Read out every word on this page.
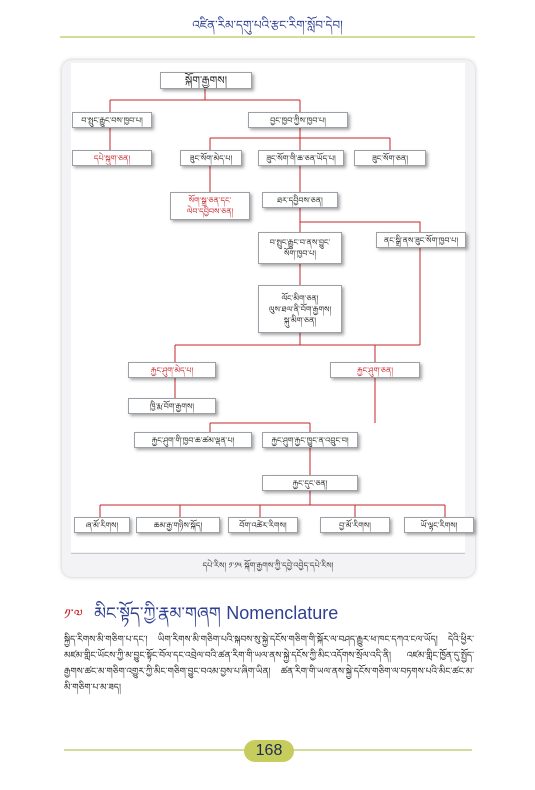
འཛིན་རིམ་དགུ་པའི་རྩང་རིག་སློབ་དེབ།
སྐོག་རྒྱགས།
བ་སྤུང་རྒྱུང་བས་ཁྱབ་པ།	བྱང་ཁྱབ་ཀྱིས་ཁྱབ་པ།
དཔེ་སྐུག་ཅན།	ཟུང་སོག་མེད་པ།	ཟུང་སོག་གི་ཆ་ཅན་ཡོད་པ།	ཟུང་སོག་ཅན།
སོག་སྒྲ་ཅན་དང་
ལེབ་དབྱིབས་ཅན།
ཐར་དབྱིབས་ཅན།
བ་སྤུང་རྒྱུང་བ་ནས་བྱུང་
སོག་ཁྱབ་པ།
ནང་སྒྲི་ནས་ཟུང་སོག་ཁྱབ་པ།
ལོང་མིག་ཅན།
ལུས་ཐལ་ནི་བོག་རྒྱགས།
སྐུ་མིག་ཅན།
རྐྱང་ཤུག་མེད་པ།	རྐྱང་ཤུག་ཅན།
ཁྱི་རྨ་བོག་རྒྱགས།
རྐྱང་ཤུག་གི་ཁྱབ་ཆ་ཚམ་ལྡན་པ།	རྐྱང་ཤུག་རྐྱང་ཁྱུང་ན་འབྲུང་བ།
རྐྱང་དུང་ཅན།
ཞ་མོ་རིགས།	ཆམ་རྒྱ་གཉིས་སྐོད།	བོག་འཚེར་རིགས།	བྱ་མོ་རིགས།	ཡོ་ལྷང་རིགས།
དཔེ་རིས། ༡་༡༥ སྐོག་རྒྱགས་ཀྱི་དབྱེ་འབྱེད་དཔེ་རིས།
༡་༧ མིང་སྟོད་ཀྱི་རྣམ་གཞག Nomenclature
སྐྱིད་རིགས་མི་གཅིག་པ་དང་། ཡིག་རིགས་མི་གཅིག་པའི་སྐབས་སུ་སྐྱེ་དངོས་གཅིག་གི་སྐོར་ལ་བཤད་རྒྱུར་ཕ་ཁང་དཀའ་ངལ་ཡོད། དེའི་ཕྱིར་མཛམ་གླིང་ཡོངས་ཀྱི་མ་བྱུང་སྟོང་བོལ་དང་འབྲེལ་བའི་ཚན་རིག་གི་ཡལ་ནས་སྐྱེ་དངོས་ཀྱི་མིང་འདོགས་སྲོལ་འདི་ནི། འཛམ་གླིང་ཁྱོན་དུ་སྤྱོད་རྒྱགས་ཚང་མ་གཅིག་འགྱུར་ཀྱི་མིང་གཅིག་བྱུང་བའམ་བྱས་པ་ཞིག་ཡིན། ཚན་རིག་གི་ཡལ་ནས་སྐྱེ་དངོས་གཅིག་ལ་བཏགས་པའི་མིང་ཚང་མ་མི་གཅིག་པ་མ་ཟད།
168
